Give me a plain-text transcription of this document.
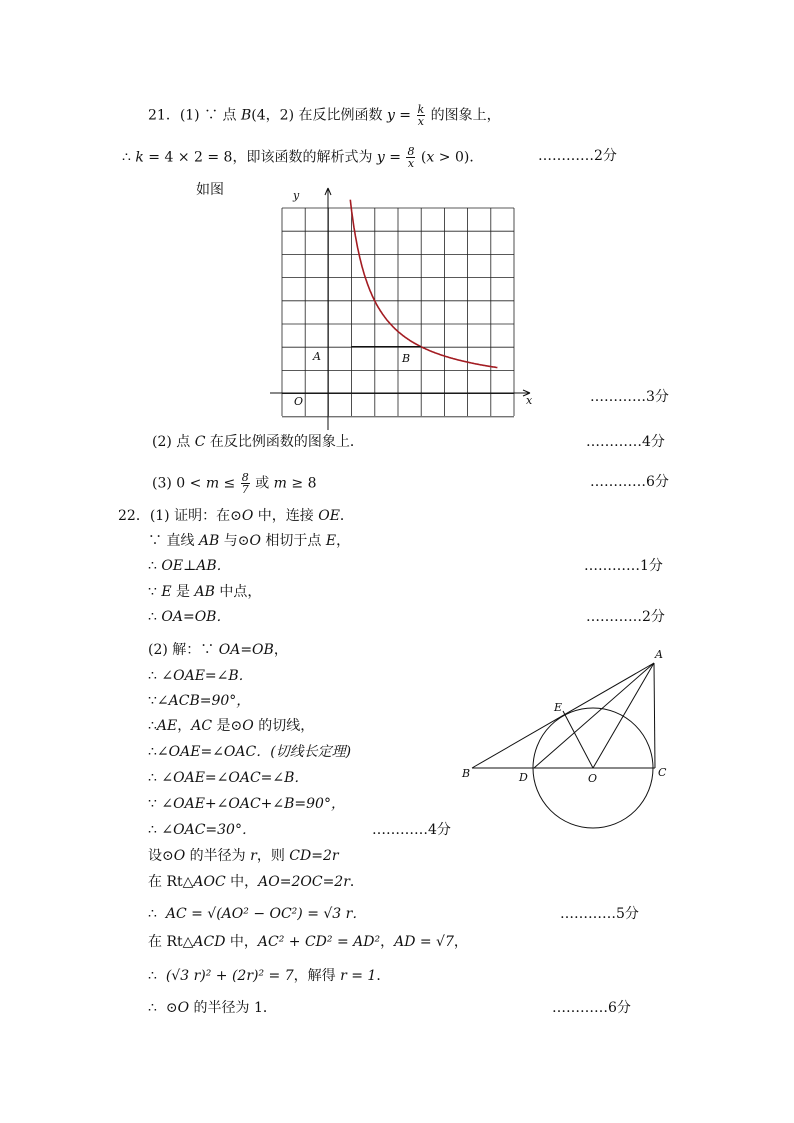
21．(1) ∵ 点 B(4，2) 在反比例函数 $y = \frac{k}{x}$ 的图象上，
∴ k = 4 × 2 = 8，即该函数的解析式为 $y = \frac{8}{x} (x > 0)$．	…………2分
如图
x
y
O
A	B
…………3分
(2) 点 C 在反比例函数的图象上．	…………4分
(3) $0 < m \le \frac{8}{7}$ 或 m ≥ 8	…………6分
22．(1) 证明：在⊙O 中，连接 OE．
∵ 直线 AB 与⊙O 相切于点 E，
∴ OE⊥AB．	…………1分
∵ E 是 AB 中点，
∴ OA=OB．	…………2分
(2) 解：∵ OA=OB，
∴ ∠OAE=∠B．
∵∠ACB=90°，
∴AE，AC 是⊙O 的切线，
∴∠OAE=∠OAC．(切线长定理)
∴ ∠OAE=∠OAC=∠B．
∵ ∠OAE+∠OAC+∠B=90°，
∴ ∠OAC=30°．	…………4分
设⊙O 的半径为 r，则 CD=2r
在 Rt△AOC 中，AO=2OC=2r．
∴ AC = √(AO² − OC²) = √3 r．	…………5分
在 Rt△ACD 中，AC² + CD² = AD²，AD = √7，
∴ (√3 r)² + (2r)² = 7，解得 r = 1．
∴ ⊙O 的半径为 1．	…………6分
A
B	C
D
E
O
